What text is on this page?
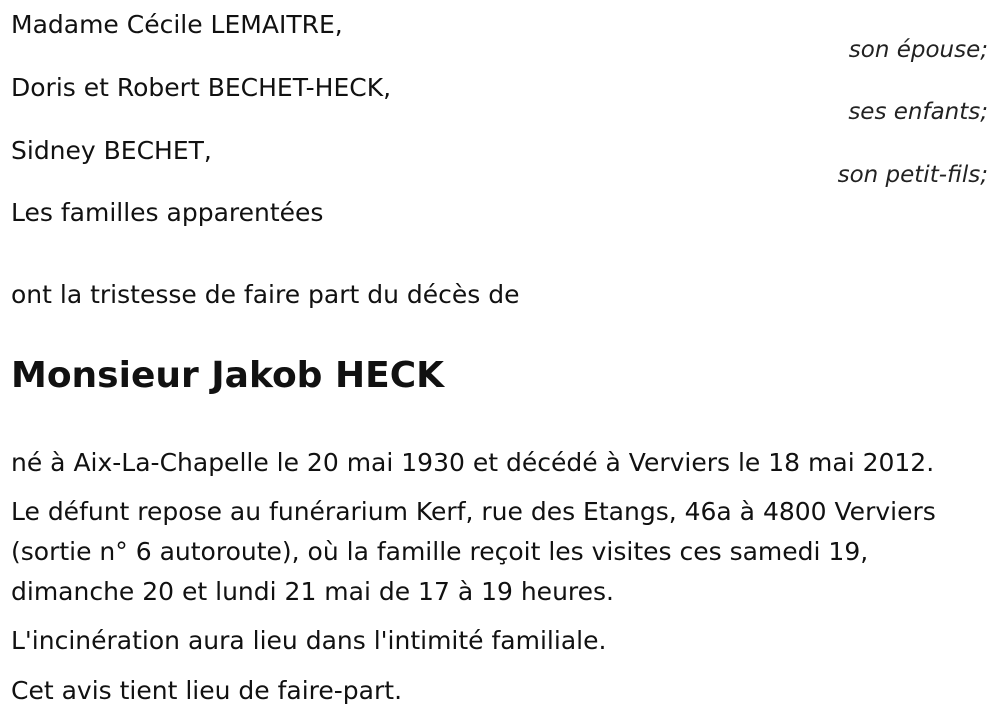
Madame Cécile LEMAITRE,
son épouse;
Doris et Robert BECHET-HECK,
ses enfants;
Sidney BECHET,
son petit-fils;
Les familles apparentées
ont la tristesse de faire part du décès de
Monsieur Jakob HECK
né à Aix-La-Chapelle le 20 mai 1930 et décédé à Verviers le 18 mai 2012.
Le défunt repose au funérarium Kerf, rue des Etangs, 46a à 4800 Verviers (sortie n° 6 autoroute), où la famille reçoit les visites ces samedi 19, dimanche 20 et lundi 21 mai de 17 à 19 heures.
L'incinération aura lieu dans l'intimité familiale.
Cet avis tient lieu de faire-part.
